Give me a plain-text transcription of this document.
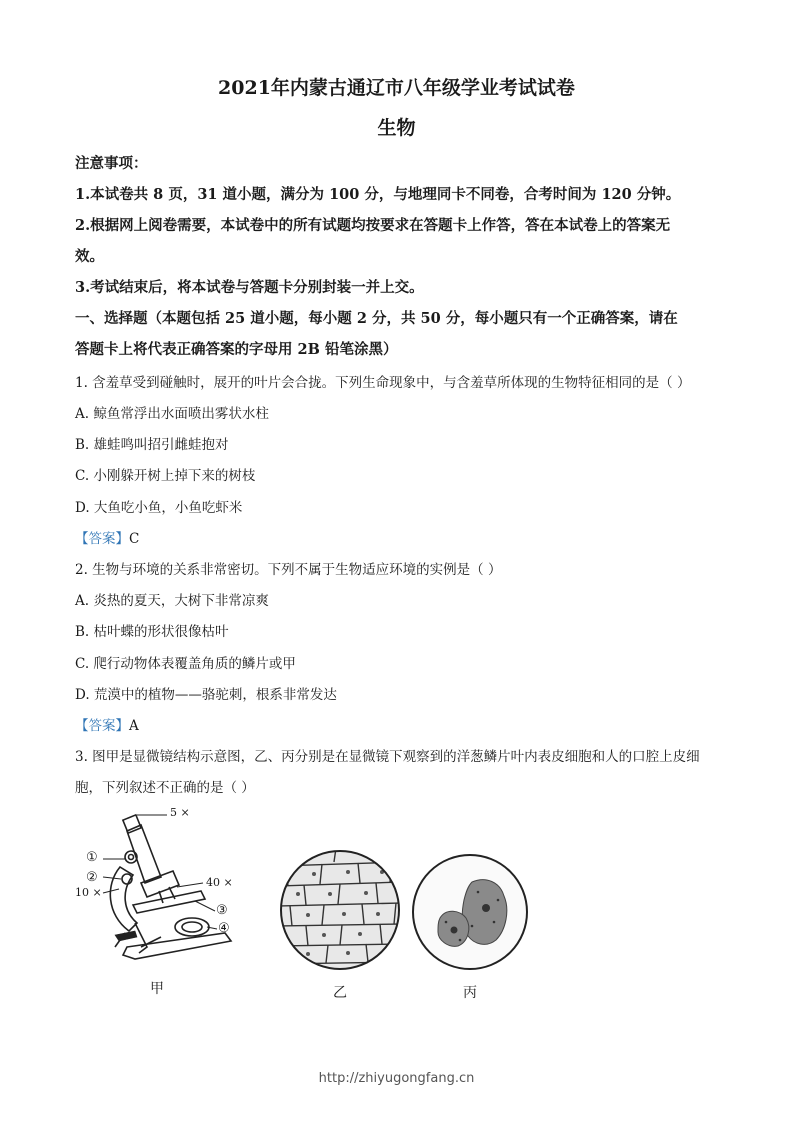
2021年内蒙古通辽市八年级学业考试试卷
生物
注意事项：
1.本试卷共 8 页，31 道小题，满分为 100 分，与地理同卡不同卷，合考时间为 120 分钟。
2.根据网上阅卷需要，本试卷中的所有试题均按要求在答题卡上作答，答在本试卷上的答案无
效。
3.考试结束后，将本试卷与答题卡分别封装一并上交。
一、选择题（本题包括 25 道小题，每小题 2 分，共 50 分，每小题只有一个正确答案，请在
答题卡上将代表正确答案的字母用 2B 铅笔涂黑）
1. 含羞草受到碰触时，展开的叶片会合拢。下列生命现象中，与含羞草所体现的生物特征相同的是（ ）
A. 鲸鱼常浮出水面喷出雾状水柱
B. 雄蛙鸣叫招引雌蛙抱对
C. 小刚躲开树上掉下来的树枝
D. 大鱼吃小鱼，小鱼吃虾米
【答案】C
2. 生物与环境的关系非常密切。下列不属于生物适应环境的实例是（ ）
A. 炎热的夏天，大树下非常凉爽
B. 枯叶蝶的形状很像枯叶
C. 爬行动物体表覆盖角质的鳞片或甲
D. 荒漠中的植物——骆驼刺，根系非常发达
【答案】A
3. 图甲是显微镜结构示意图，乙、丙分别是在显微镜下观察到的洋葱鳞片叶内表皮细胞和人的口腔上皮细
胞，下列叙述不正确的是（ ）
5 ×
①
②
10 ×
40 ×
③
④
甲	乙	丙
http://zhiyugongfang.cn
